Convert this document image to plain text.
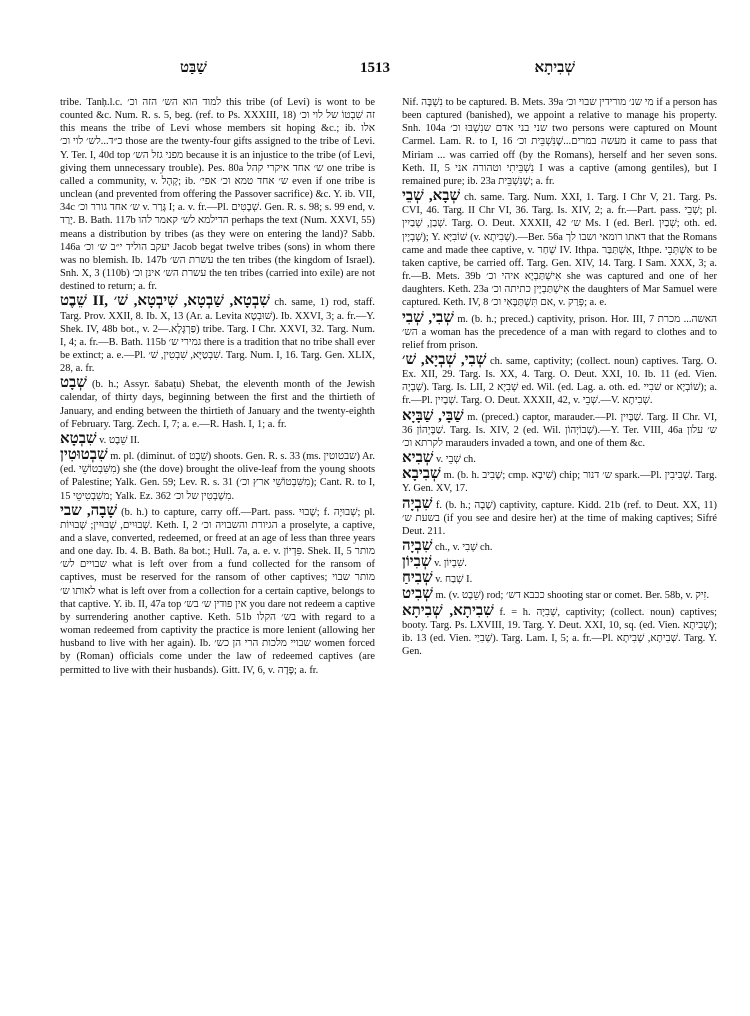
שַׁבַּט	1513	שְׁבִיתָא

tribe. Tanḥ.l.c. למוד הוא הש׳ הזה וכ׳ this tribe (of Levi) is wont to be counted &c. Num. R. s. 5, beg. (ref. to Ps. XXXIII, 18) זה שִׁבְטוֹ של לוי וכ׳ this means the tribe of Levi whose members sit hoping &c.; ib. אלו כ״ד...לש׳ לוי וכ׳ those are the twenty-four gifts assigned to the tribe of Levi. Y. Ter. I, 40d top מפני גזל הש׳ because it is an injustice to the tribe (of Levi, giving them unnecessary trouble). Pes. 80a ש׳ אחד איקרי קהל one tribe is called a community, v. קָהָל; ib. ש׳ אחד טמא וכ׳ אפי׳ even if one tribe is unclean (and prevented from offering the Passover sacrifice) &c. Y. ib. VII, 34c ש׳ אחד גורר וכ׳ v. גָּרַר I; a. v. fr.—Pl. שְׁבָטִים. Gen. R. s. 98; s. 99 end, v. יָרַד. B. Bath. 117b הדילמא לש׳ קאמר להו perhaps the text (Num. XXVI, 55) means a distribution by tribes (as they were on entering the land)? Sabb. 146a יעקב הוליד י״ב ש׳ וכ׳ Jacob begat twelve tribes (sons) in whom there was no blemish. Ib. 147b עשרת הש׳ the ten tribes (the kingdom of Israel). Snh. X, 3 (110b) עשרת הש׳ אינן וכ׳ the ten tribes (carried into exile) are not destined to return; a. fr.

שֵׁבֶט II, שִׁבְטָא, שַׁבְטָא, שִׁיבְטָא, שׁ׳ ch. same, 1) rod, staff. Targ. Prov. XXII, 8. Ib. X, 13 (Ar. a. Levita שׁוּבְטָא). Ib. XXVI, 3; a. fr.—Y. Shek. IV, 48b bot., v. פַּרְגָּלָא.—2) tribe. Targ. I Chr. XXVI, 32. Targ. Num. I, 4; a. fr.—B. Bath. 115b גמירי ש׳ there is a tradition that no tribe shall ever be extinct; a. e.—Pl. שִׁבְטַיָּא, שִׁבְטִין, שׁ׳. Targ. Num. I, 16. Targ. Gen. XLIX, 28, a. fr.

שְׁבָט (b. h.; Assyr. šabaṭu) Shebat, the eleventh month of the Jewish calendar, of thirty days, beginning between the first and the thirtieth of January, and ending between the thirtieth of January and the twenty-eighth of February. Targ. Zech. I, 7; a. e.—R. Hash. I, 1; a. fr.

שִׁבְטָא v. שֵׁבֶט II.

שִׁבְטוּטִין m. pl. (diminut. of שֵׁבֶט) shoots. Gen. R. s. 33 (ms. שבטוטין) Ar. (ed. מִשִּׁבְטוֹשֵׁי) she (the dove) brought the olive-leaf from the young shoots of Palestine; Yalk. Gen. 59; Lev. R. s. 31 (מִשִּׁבְטוֹשֵׁי ארץ וכ׳); Cant. R. to I, 15 משִׁבְטִיטֵי; Yalk. Ez. 362 מִשְׁבְטִין של וכ׳.

שָׁבָה, שבי (b. h.) to capture, carry off.—Part. pass. שָׁבוּי; f. שְׁבוּיָה; pl. שְׁבוּיִים, שְׁבוּיִין; שְׁבוּיוֹת. Keth. I, 2 הגיורת והשבויה וכ׳ a proselyte, a captive, and a slave, converted, redeemed, or freed at an age of less than three years and one day. Ib. 4. B. Bath. 8a bot.; Hull. 7a, a. e. v. פִּדְיוֹן. Shek. II, 5 מותר שבויים לש׳ what is left over from a fund collected for the ransom of captives, must be reserved for the ransom of other captives; מותר שבוי לאותו ש׳ what is left over from a collection for a certain captive, belongs to that captive. Y. ib. II, 47a top אין פודין ש׳ בש׳ you dare not redeem a captive by surrendering another captive. Keth. 51b בש׳ הקלו with regard to a woman redeemed from captivity the practice is more lenient (allowing her husband to live with her again). Ib. שבויי מלכות הרי הן כש׳ women forced by (Roman) officials come under the law of redeemed captives (are permitted to live with their husbands). Gitt. IV, 6, v. פָּדָה; a. fr.

Nif. נִשְׁבָּה to be captured. B. Mets. 39a מי שנ׳ מורידין שבוי וכ׳ if a person has been captured (banished), we appoint a relative to manage his property. Snh. 104a שני בני אדם שנִשְׁבּוּ וכ׳ two persons were captured on Mount Carmel. Lam. R. to I, 16 מעשה במרים...שֶׁנִּשְׁבֵּית וכ׳ it came to pass that Miriam ... was carried off (by the Romans), herself and her seven sons. Keth. II, 5 נִשְׁבֵּיתִי וטהורה אני I was a captive (among gentiles), but I remained pure; ib. 23a שֶׁנִּשְׁבֵּית; a. fr.

שְׁבָא, שְׁבֵי ch. same. Targ. Num. XXI, 1. Targ. I Chr V, 21. Targ. Ps. CVI, 46. Targ. II Chr VI, 36. Targ. Is. XIV, 2; a. fr.—Part. pass. שְׁבֵי; pl. שְׁבַן, שְׁבַיִין. Targ. O. Deut. XXXII, 42 ש׳ Ms. I (ed. Berl. שְׁבַיִן; oth. ed. שְׁבְיָין); Y. שׁוֹבִיָּא (v. שְׁבִיתָא).—Ber. 56a דאתו רומאי ושבו לך that the Romans came and made thee captive, v. שְׁחַר IV. Ithpa. אִשְׁתַּבַּר, Ithpe. אִשְׁתְּבֵי to be taken captive, be carried off. Targ. Gen. XIV, 14. Targ. I Sam. XXX, 3; a. fr.—B. Mets. 39b אִישְׁתַּבְיָא איהי וכ׳ she was captured and one of her daughters. Keth. 23a אִישְׁתַּבְיָין כתיתה וכ׳ the daughters of Mar Samuel were captured. Keth. IV, 8 אם תִּשְׁתַּבָּאִי וכ׳, v. פְּרַק; a. e.

שְׁבִי, שְׁבִי m. (b. h.; preced.) captivity, prison. Hor. III, 7 האשה... מכרת הש׳ a woman has the precedence of a man with regard to clothes and to relief from prison.

שְׁבִי, שְׁבְיָא, שׁ׳ ch. same, captivity; (collect. noun) captives. Targ. O. Ex. XII, 29. Targ. Is. XX, 4. Targ. O. Deut. XXI, 10. Ib. 11 (ed. Vien. שְׁבְיָה). Targ. Is. LII, 2 שְׁבִיָא ed. Wil. (ed. Lag. a. oth. ed. שׁבִיי or שׁוֹבְיָא); a. fr.—Pl. שְׁבָיִין. Targ. O. Deut. XXXII, 42, v. שְׁבֵי.—V. שְׁבִיתָא.

שַׁבָּי, שַׁבָּיָא m. (preced.) captor, marauder.—Pl. שַׁבָּיִין. Targ. II Chr. VI, 36 שַׁבָּיְהוֹן. Targ. Is. XIV, 2 (ed. Wil. שְׁבוֹיְהוֹן).—Y. Ter. VIII, 46a ש׳ עלון לקרתא וכ׳ marauders invaded a town, and one of them &c.

שְׁבִיא v. שְׁבֵי ch.

שְׁבִיבָא m. (b. h. שָׁבִיב; cmp. שִׁיבָא) chip; ש׳ דנור spark.—Pl. שְׁבִיבִין. Targ. Y. Gen. XV, 17.

שִׁבְיָה f. (b. h.; שָׁבָה) captivity, capture. Kidd. 21b (ref. to Deut. XX, 11) בשעת ש׳ (if you see and desire her) at the time of making captives; Sifré Deut. 211.

שִׁבְיָה ch., v. שְׁבִי ch.

שְׁבִיוֹן v. שִׁבְיוֹן.

שְׁבִיחַ v. שְׁבַח I.

שְׁבִיט m. (v. שֵׁבֶט) rod; ככבא דש׳ shooting star or comet. Ber. 58b, v. זִיק.

שִׁבִיתָא, שְׁבִיתָא f. = h. שְׁבִיָה, captivity; (collect. noun) captives; booty. Targ. Ps. LXVIII, 19. Targ. Y. Deut. XXI, 10, sq. (ed. Vien. שְׁבִיתָא); ib. 13 (ed. Vien. שְׁבִיַי). Targ. Lam. I, 5; a. fr.—Pl. שְׁבִיתָא, שְׁבִיתָא. Targ. Y. Gen.
